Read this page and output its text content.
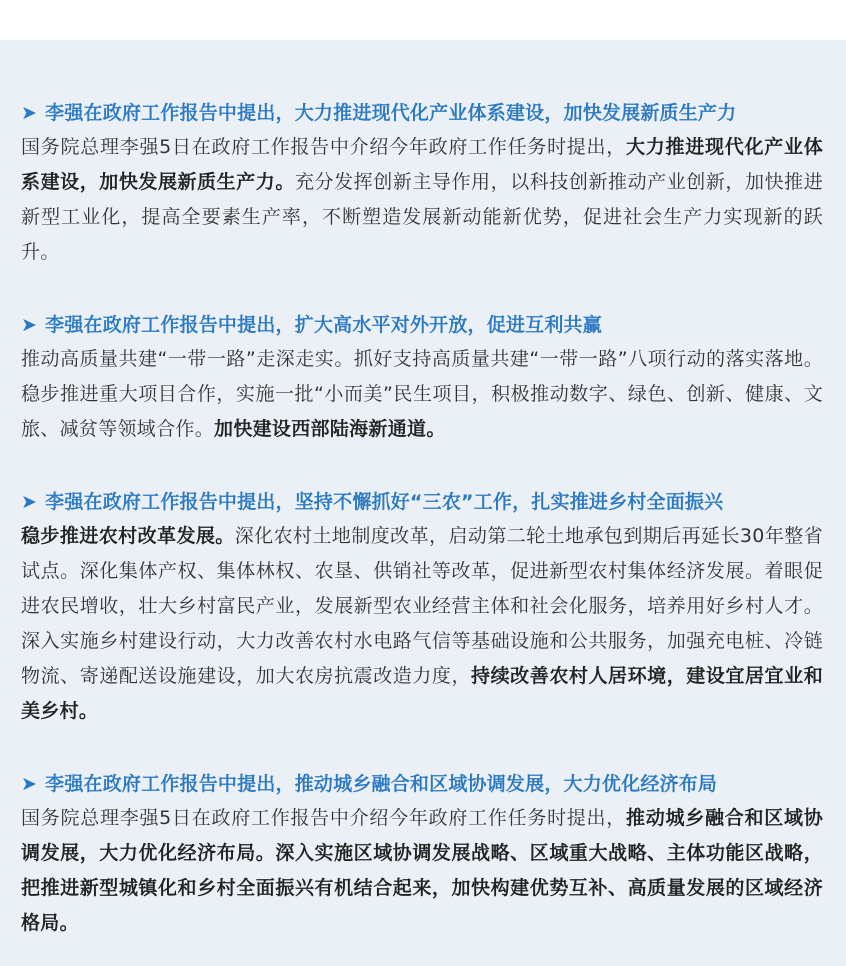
➤ 李强在政府工作报告中提出，大力推进现代化产业体系建设，加快发展新质生产力
国务院总理李强5日在政府工作报告中介绍今年政府工作任务时提出，大力推进现代化产业体系建设，加快发展新质生产力。充分发挥创新主导作用，以科技创新推动产业创新，加快推进新型工业化，提高全要素生产率，不断塑造发展新动能新优势，促进社会生产力实现新的跃升。
➤ 李强在政府工作报告中提出，扩大高水平对外开放，促进互利共赢
推动高质量共建“一带一路”走深走实。抓好支持高质量共建“一带一路”八项行动的落实落地。稳步推进重大项目合作，实施一批“小而美”民生项目，积极推动数字、绿色、创新、健康、文旅、减贫等领域合作。加快建设西部陆海新通道。
➤ 李强在政府工作报告中提出，坚持不懈抓好“三农”工作，扎实推进乡村全面振兴
稳步推进农村改革发展。深化农村土地制度改革，启动第二轮土地承包到期后再延长30年整省试点。深化集体产权、集体林权、农垦、供销社等改革，促进新型农村集体经济发展。着眼促进农民增收，壮大乡村富民产业，发展新型农业经营主体和社会化服务，培养用好乡村人才。深入实施乡村建设行动，大力改善农村水电路气信等基础设施和公共服务，加强充电桩、冷链物流、寄递配送设施建设，加大农房抗震改造力度，持续改善农村人居环境，建设宜居宜业和美乡村。
➤ 李强在政府工作报告中提出，推动城乡融合和区域协调发展，大力优化经济布局
国务院总理李强5日在政府工作报告中介绍今年政府工作任务时提出，推动城乡融合和区域协调发展，大力优化经济布局。深入实施区域协调发展战略、区域重大战略、主体功能区战略，把推进新型城镇化和乡村全面振兴有机结合起来，加快构建优势互补、高质量发展的区域经济格局。
